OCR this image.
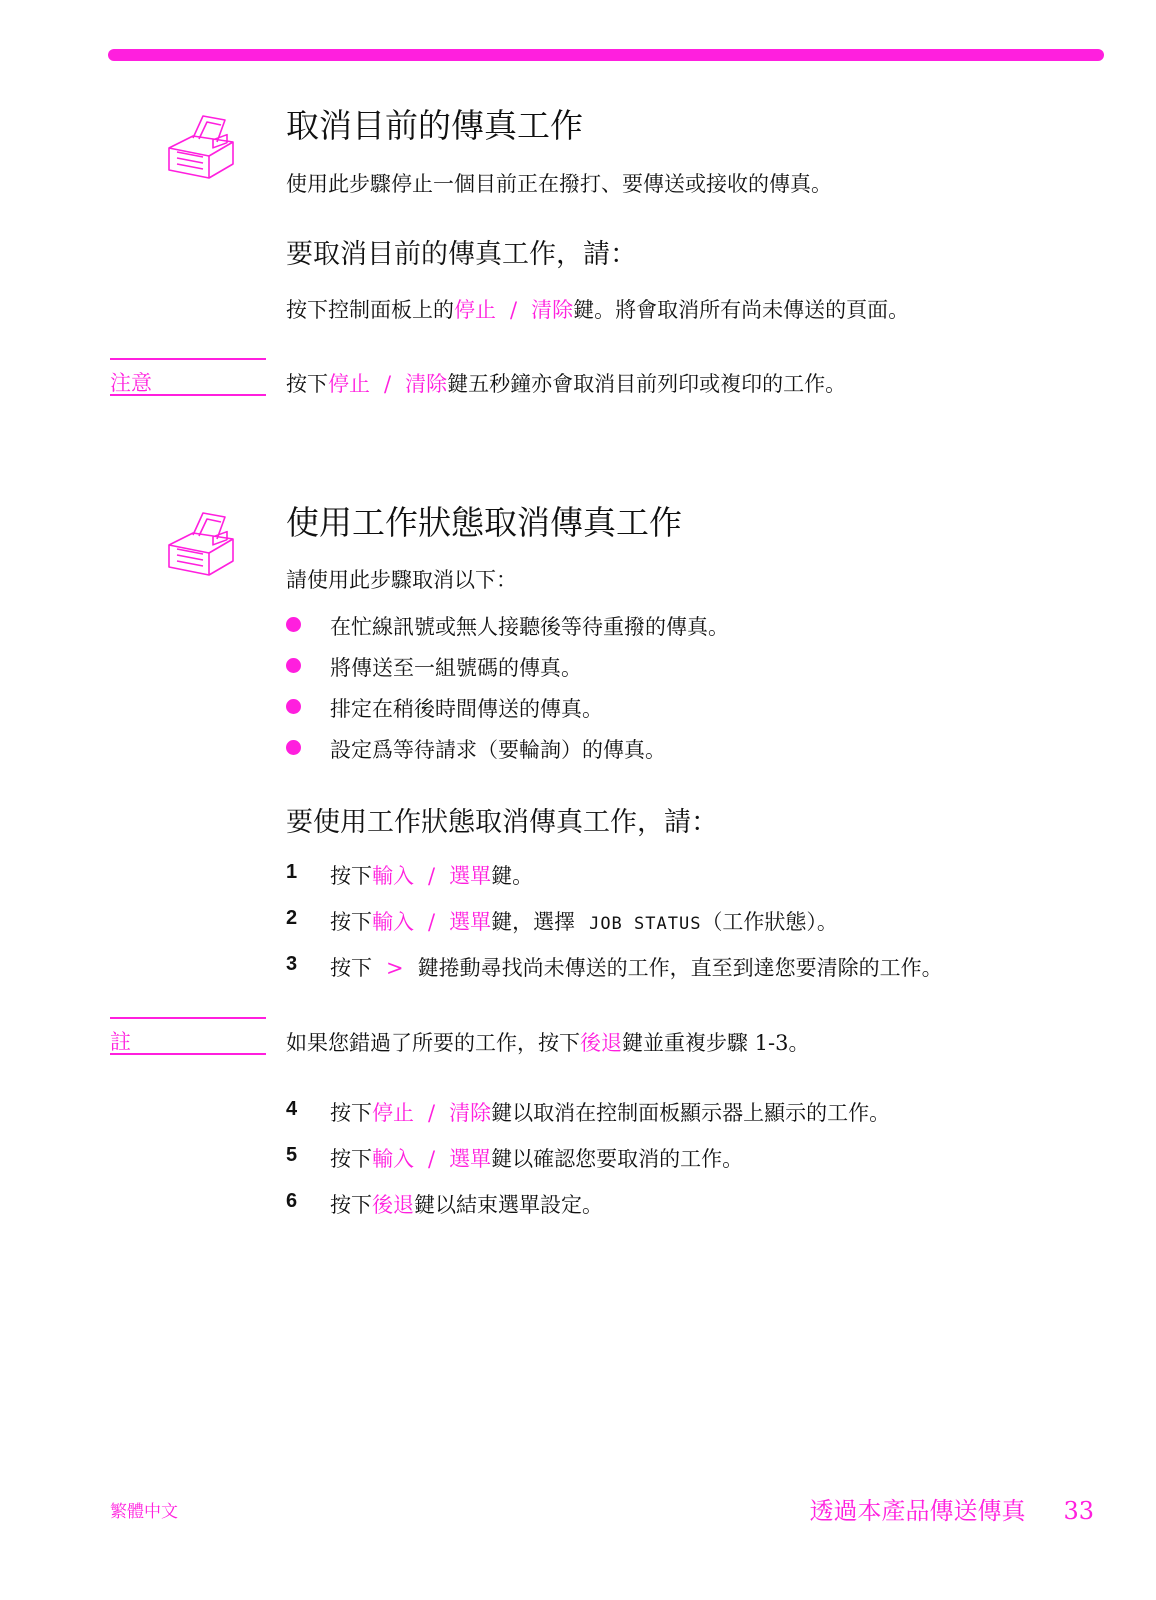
取消目前的傳真工作
使用此步驟停止一個目前正在撥打、要傳送或接收的傳真。
要取消目前的傳真工作，請：
按下控制面板上的停止 / 清除鍵。將會取消所有尚未傳送的頁面。
注意	按下停止 / 清除鍵五秒鐘亦會取消目前列印或複印的工作。
使用工作狀態取消傳真工作
請使用此步驟取消以下：
在忙線訊號或無人接聽後等待重撥的傳真。
將傳送至一組號碼的傳真。
排定在稍後時間傳送的傳真。
設定爲等待請求（要輪詢）的傳真。
要使用工作狀態取消傳真工作，請：
1 按下輸入 / 選單鍵。
2 按下輸入 / 選單鍵，選擇 JOB STATUS（工作狀態）。
3 按下 > 鍵捲動尋找尚未傳送的工作，直至到達您要清除的工作。
註	如果您錯過了所要的工作，按下後退鍵並重複步驟 1-3。
4 按下停止 / 清除鍵以取消在控制面板顯示器上顯示的工作。
5 按下輸入 / 選單鍵以確認您要取消的工作。
6 按下後退鍵以結束選單設定。
繁體中文	透過本產品傳送傳真 33
